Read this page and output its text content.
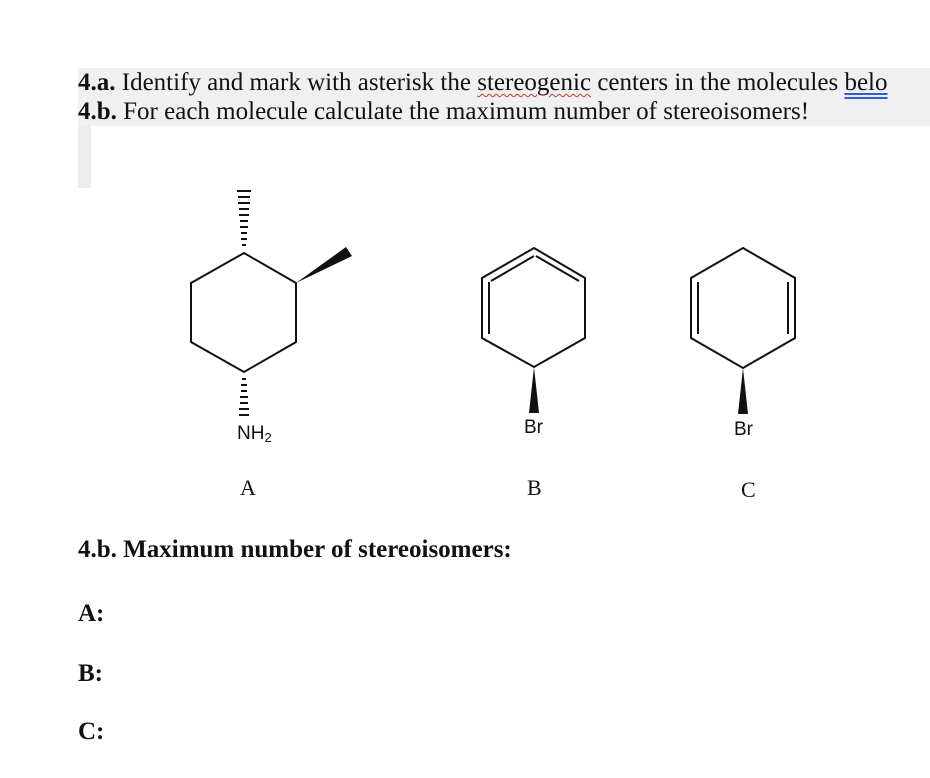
4.a. Identify and mark with asterisk the stereogenic centers in the molecules belo
4.b. For each molecule calculate the maximum number of stereoisomers!
$NH_2$	Br	Br
A	B	C
4.b. Maximum number of stereoisomers:
A:
B:
C:
